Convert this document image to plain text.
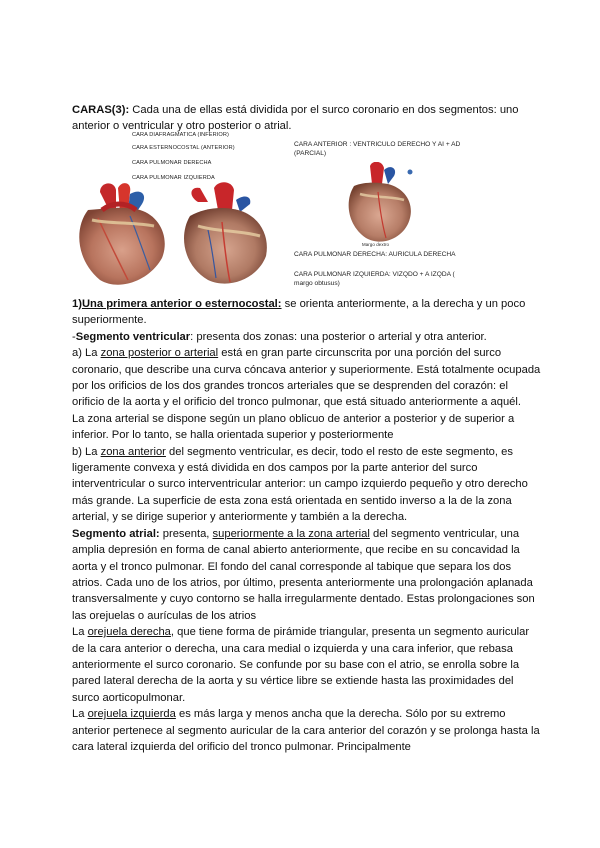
CARAS(3): Cada una de ellas está dividida por el surco coronario en dos segmentos: uno anterior o ventricular y otro posterior o atrial.
CARA DIAFRAGMATICA (INFERIOR)
CARA ESTERNOCOSTAL (ANTERIOR)
CARA PULMONAR DERECHA
CARA PULMONAR IZQUIERDA
CARA ANTERIOR : VENTRICULO DERECHO Y AI + AD (PARCIAL)
Margo dextro
CARA PULMONAR DERECHA: AURICULA DERECHA
CARA PULMONAR IZQUIERDA: VIZQDO + A IZQDA ( margo obtusus)

1)Una primera anterior o esternocostal: se orienta anteriormente, a la derecha y un poco superiormente.

-Segmento ventricular: presenta dos zonas: una posterior o arterial y otra anterior.

a) La zona posterior o arterial está en gran parte circunscrita por una porción del surco coronario, que describe una curva cóncava anterior y superiormente. Está totalmente ocupada por los orificios de los dos grandes troncos arteriales que se desprenden del corazón: el orificio de la aorta y el orificio del tronco pulmonar, que está situado anteriormente a aquél.

La zona arterial se dispone según un plano oblicuo de anterior a posterior y de superior a inferior. Por lo tanto, se halla orientada superior y posteriormente

b) La zona anterior del segmento ventricular, es decir, todo el resto de este segmento, es ligeramente convexa y está dividida en dos campos por la parte anterior del surco interventricular o surco interventricular anterior: un campo izquierdo pequeño y otro derecho más grande. La superficie de esta zona está orientada en sentido inverso a la de la zona arterial, y se dirige superior y anteriormente y también a la derecha.

Segmento atrial: presenta, superiormente a la zona arterial del segmento ventricular, una amplia depresión en forma de canal abierto anteriormente, que recibe en su concavidad la aorta y el tronco pulmonar. El fondo del canal corresponde al tabique que separa los dos atrios. Cada uno de los atrios, por último, presenta anteriormente una prolongación aplanada transversalmente y cuyo contorno se halla irregularmente dentado. Estas prolongaciones son las orejuelas o aurículas de los atrios

La orejuela derecha, que tiene forma de pirámide triangular, presenta un segmento auricular de la cara anterior o derecha, una cara medial o izquierda y una cara inferior, que rebasa anteriormente el surco coronario. Se confunde por su base con el atrio, se enrolla sobre la pared lateral derecha de la aorta y su vértice libre se extiende hasta las proximidades del surco aorticopulmonar.

La orejuela izquierda es más larga y menos ancha que la derecha. Sólo por su extremo anterior pertenece al segmento auricular de la cara anterior del corazón y se prolonga hasta la cara lateral izquierda del orificio del tronco pulmonar. Principalmente
